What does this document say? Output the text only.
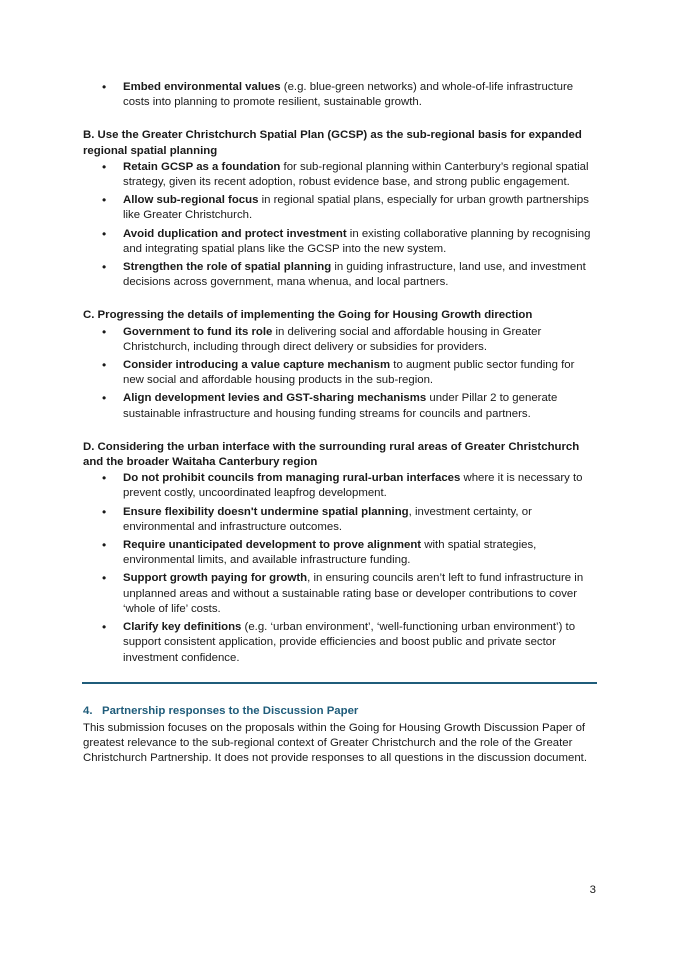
• Embed environmental values (e.g. blue-green networks) and whole-of-life infrastructure costs into planning to promote resilient, sustainable growth.

B. Use the Greater Christchurch Spatial Plan (GCSP) as the sub-regional basis for expanded regional spatial planning

• Retain GCSP as a foundation for sub-regional planning within Canterbury’s regional spatial strategy, given its recent adoption, robust evidence base, and strong public engagement.
• Allow sub-regional focus in regional spatial plans, especially for urban growth partnerships like Greater Christchurch.
• Avoid duplication and protect investment in existing collaborative planning by recognising and integrating spatial plans like the GCSP into the new system.
• Strengthen the role of spatial planning in guiding infrastructure, land use, and investment decisions across government, mana whenua, and local partners.

C. Progressing the details of implementing the Going for Housing Growth direction

• Government to fund its role in delivering social and affordable housing in Greater Christchurch, including through direct delivery or subsidies for providers.
• Consider introducing a value capture mechanism to augment public sector funding for new social and affordable housing products in the sub-region.
• Align development levies and GST-sharing mechanisms under Pillar 2 to generate sustainable infrastructure and housing funding streams for councils and partners.

D. Considering the urban interface with the surrounding rural areas of Greater Christchurch and the broader Waitaha Canterbury region

• Do not prohibit councils from managing rural-urban interfaces where it is necessary to prevent costly, uncoordinated leapfrog development.
• Ensure flexibility doesn't undermine spatial planning, investment certainty, or environmental and infrastructure outcomes.
• Require unanticipated development to prove alignment with spatial strategies, environmental limits, and available infrastructure funding.
• Support growth paying for growth, in ensuring councils aren’t left to fund infrastructure in unplanned areas and without a sustainable rating base or developer contributions to cover ‘whole of life’ costs.
• Clarify key definitions (e.g. ‘urban environment’, ‘well-functioning urban environment’) to support consistent application, provide efficiencies and boost public and private sector investment confidence.
4. Partnership responses to the Discussion Paper

This submission focuses on the proposals within the Going for Housing Growth Discussion Paper of greatest relevance to the sub-regional context of Greater Christchurch and the role of the Greater Christchurch Partnership. It does not provide responses to all questions in the discussion document.

3
